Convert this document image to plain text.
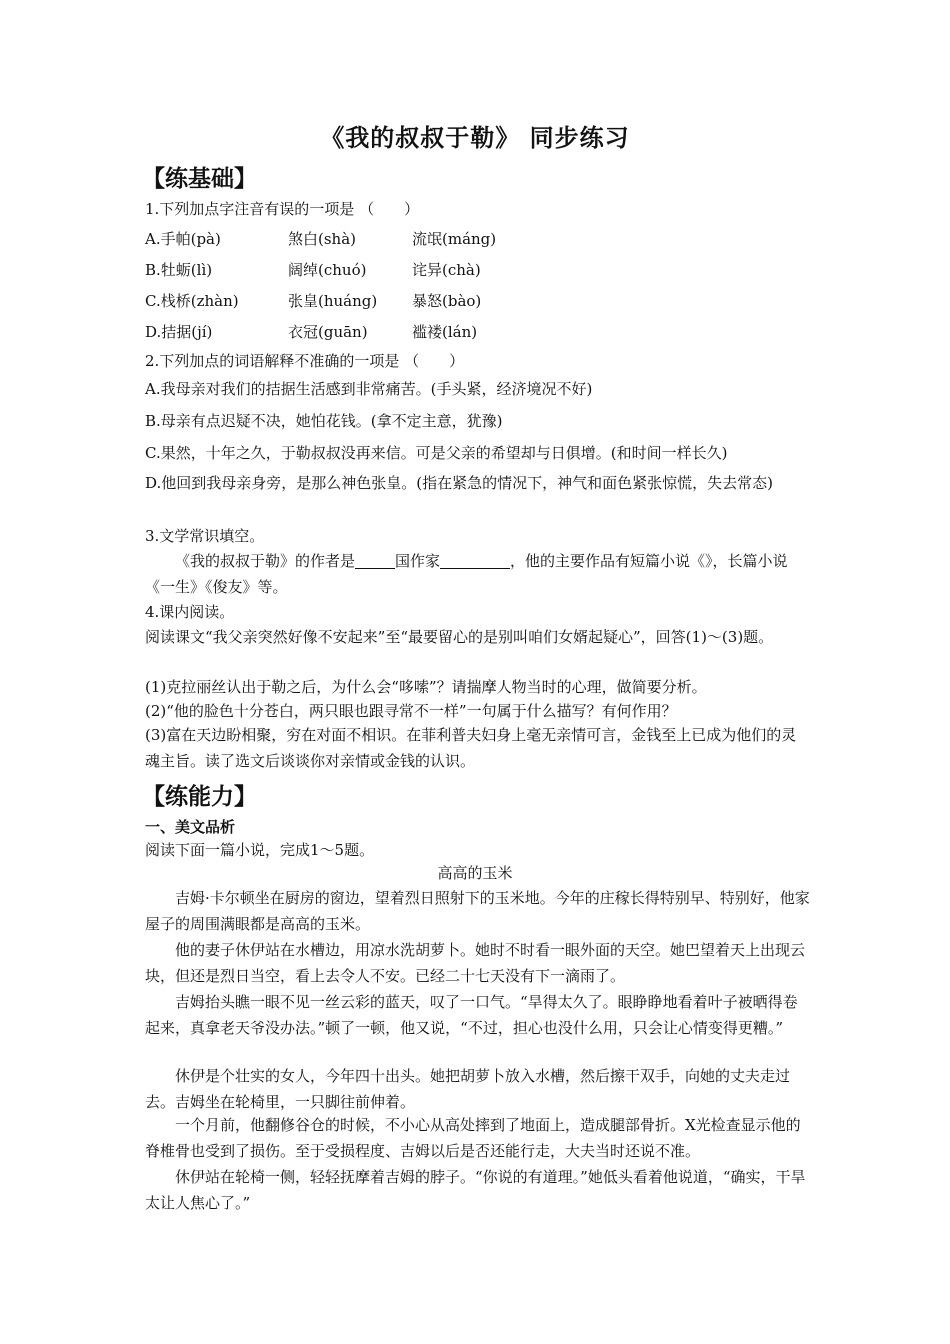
《我的叔叔于勒》 同步练习
【练基础】
1.下列加点字注音有误的一项是 （　　）
A.手帕(pà)	煞白(shà)	流氓(máng)
B.牡蛎(lì)	阔绰(chuó)	诧异(chà)
C.栈桥(zhàn)	张皇(huáng) 暴怒(bào)
D.拮据(jí)	衣冠(guān)	褴褛(lán)
2.下列加点的词语解释不准确的一项是 （　　）
A.我母亲对我们的拮据生活感到非常痛苦。(手头紧，经济境况不好)
B.母亲有点迟疑不决，她怕花钱。(拿不定主意，犹豫)
C.果然，十年之久，于勒叔叔没再来信。可是父亲的希望却与日俱增。(和时间一样长久)
D.他回到我母亲身旁，是那么神色张皇。(指在紧急的情况下，神气和面色紧张惊慌，失去常态)
3.文学常识填空。
《我的叔叔于勒》的作者是	国作家	，他的主要作品有短篇小说《》，长篇小说《一生》《俊友》等。
4.课内阅读。
阅读课文“我父亲突然好像不安起来”至“最要留心的是别叫咱们女婿起疑心”，回答(1)～(3)题。
(1)克拉丽丝认出于勒之后，为什么会“哆嗦”？请揣摩人物当时的心理，做简要分析。
(2)“他的脸色十分苍白，两只眼也跟寻常不一样”一句属于什么描写？有何作用？
(3)富在天边盼相聚，穷在对面不相识。在菲利普夫妇身上毫无亲情可言，金钱至上已成为他们的灵魂主旨。读了选文后谈谈你对亲情或金钱的认识。
【练能力】
一、美文品析
阅读下面一篇小说，完成1～5题。
高高的玉米
吉姆·卡尔顿坐在厨房的窗边，望着烈日照射下的玉米地。今年的庄稼长得特别早、特别好，他家屋子的周围满眼都是高高的玉米。
他的妻子休伊站在水槽边，用凉水洗胡萝卜。她时不时看一眼外面的天空。她巴望着天上出现云块，但还是烈日当空，看上去令人不安。已经二十七天没有下一滴雨了。
吉姆抬头瞧一眼不见一丝云彩的蓝天，叹了一口气。“旱得太久了。眼睁睁地看着叶子被晒得卷起来，真拿老天爷没办法。”顿了一顿，他又说，“不过，担心也没什么用，只会让心情变得更糟。”
休伊是个壮实的女人，今年四十出头。她把胡萝卜放入水槽，然后擦干双手，向她的丈夫走过去。吉姆坐在轮椅里，一只脚往前伸着。
一个月前，他翻修谷仓的时候，不小心从高处摔到了地面上，造成腿部骨折。X光检查显示他的脊椎骨也受到了损伤。至于受损程度、吉姆以后是否还能行走，大夫当时还说不准。
休伊站在轮椅一侧，轻轻抚摩着吉姆的脖子。“你说的有道理。”她低头看着他说道，“确实，干旱太让人焦心了。”
